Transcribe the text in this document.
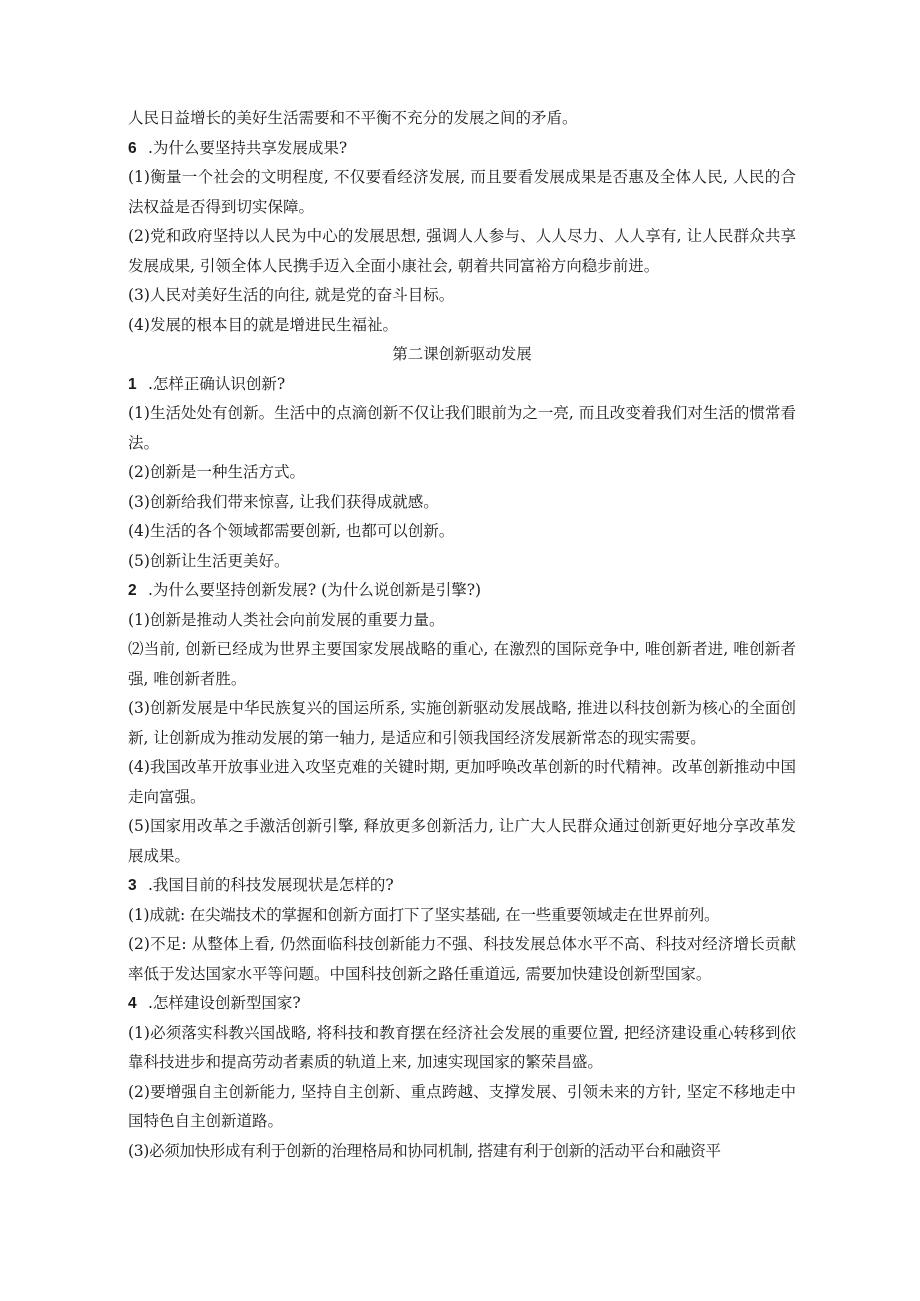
人民日益增长的美好生活需要和不平衡不充分的发展之间的矛盾。

6 .为什么要坚持共享发展成果?

(1)衡量一个社会的文明程度, 不仅要看经济发展, 而且要看发展成果是否惠及全体人民, 人民的合法权益是否得到切实保障。

(2)党和政府坚持以人民为中心的发展思想, 强调人人参与、人人尽力、人人享有, 让人民群众共享发展成果, 引领全体人民携手迈入全面小康社会, 朝着共同富裕方向稳步前进。

(3)人民对美好生活的向往, 就是党的奋斗目标。

(4)发展的根本目的就是增进民生福祉。

第二课创新驱动发展

1 .怎样正确认识创新?

(1)生活处处有创新。生活中的点滴创新不仅让我们眼前为之一亮, 而且改变着我们对生活的惯常看法。

(2)创新是一种生活方式。

(3)创新给我们带来惊喜, 让我们获得成就感。

(4)生活的各个领域都需要创新, 也都可以创新。

(5)创新让生活更美好。

2 .为什么要坚持创新发展? (为什么说创新是引擎?)

(1)创新是推动人类社会向前发展的重要力量。

⑵当前, 创新已经成为世界主要国家发展战略的重心, 在激烈的国际竞争中, 唯创新者进, 唯创新者强, 唯创新者胜。

(3)创新发展是中华民族复兴的国运所系, 实施创新驱动发展战略, 推进以科技创新为核心的全面创新, 让创新成为推动发展的第一轴力, 是适应和引领我国经济发展新常态的现实需要。

(4)我国改革开放事业进入攻坚克难的关键时期, 更加呼唤改革创新的时代精神。改革创新推动中国走向富强。

(5)国家用改革之手激活创新引擎, 释放更多创新活力, 让广大人民群众通过创新更好地分享改革发展成果。

3 .我国目前的科技发展现状是怎样的?

(1)成就: 在尖端技术的掌握和创新方面打下了坚实基础, 在一些重要领域走在世界前列。

(2)不足: 从整体上看, 仍然面临科技创新能力不强、科技发展总体水平不高、科技对经济增长贡献率低于发达国家水平等问题。中国科技创新之路任重道远, 需要加快建设创新型国家。

4 .怎样建设创新型国家?

(1)必须落实科教兴国战略, 将科技和教育摆在经济社会发展的重要位置, 把经济建设重心转移到依靠科技进步和提高劳动者素质的轨道上来, 加速实现国家的繁荣昌盛。

(2)要增强自主创新能力, 坚持自主创新、重点跨越、支撑发展、引领未来的方针, 坚定不移地走中国特色自主创新道路。

(3)必须加快形成有利于创新的治理格局和协同机制, 搭建有利于创新的活动平台和融资平
